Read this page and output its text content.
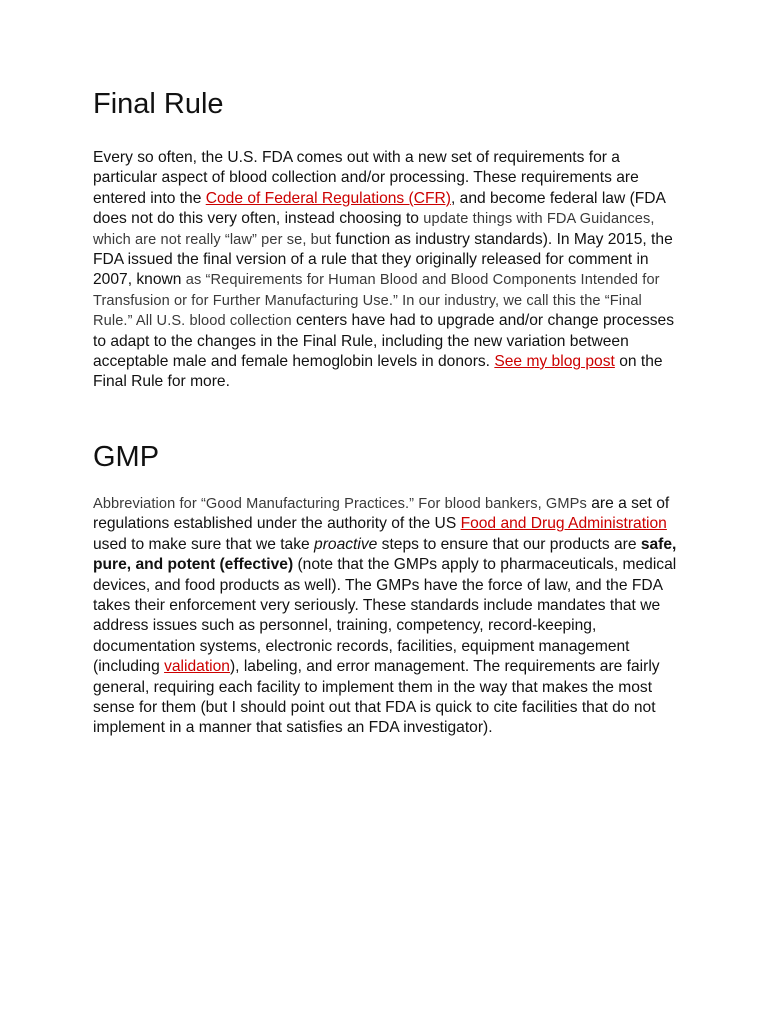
Final Rule

Every so often, the U.S. FDA comes out with a new set of requirements for a particular aspect of blood collection and/or processing. These requirements are entered into the Code of Federal Regulations (CFR), and become federal law (FDA does not do this very often, instead choosing to update things with FDA Guidances, which are not really “law” per se, but function as industry standards). In May 2015, the FDA issued the final version of a rule that they originally released for comment in 2007, known as “Requirements for Human Blood and Blood Components Intended for Transfusion or for Further Manufacturing Use.” In our industry, we call this the “Final Rule.” All U.S. blood collection centers have had to upgrade and/or change processes to adapt to the changes in the Final Rule, including the new variation between acceptable male and female hemoglobin levels in donors. See my blog post on the Final Rule for more.

GMP

Abbreviation for “Good Manufacturing Practices.” For blood bankers, GMPs are a set of regulations established under the authority of the US Food and Drug Administration used to make sure that we take proactive steps to ensure that our products are safe, pure, and potent (effective) (note that the GMPs apply to pharmaceuticals, medical devices, and food products as well). The GMPs have the force of law, and the FDA takes their enforcement very seriously. These standards include mandates that we address issues such as personnel, training, competency, record-keeping, documentation systems, electronic records, facilities, equipment management (including validation), labeling, and error management. The requirements are fairly general, requiring each facility to implement them in the way that makes the most sense for them (but I should point out that FDA is quick to cite facilities that do not implement in a manner that satisfies an FDA investigator).
